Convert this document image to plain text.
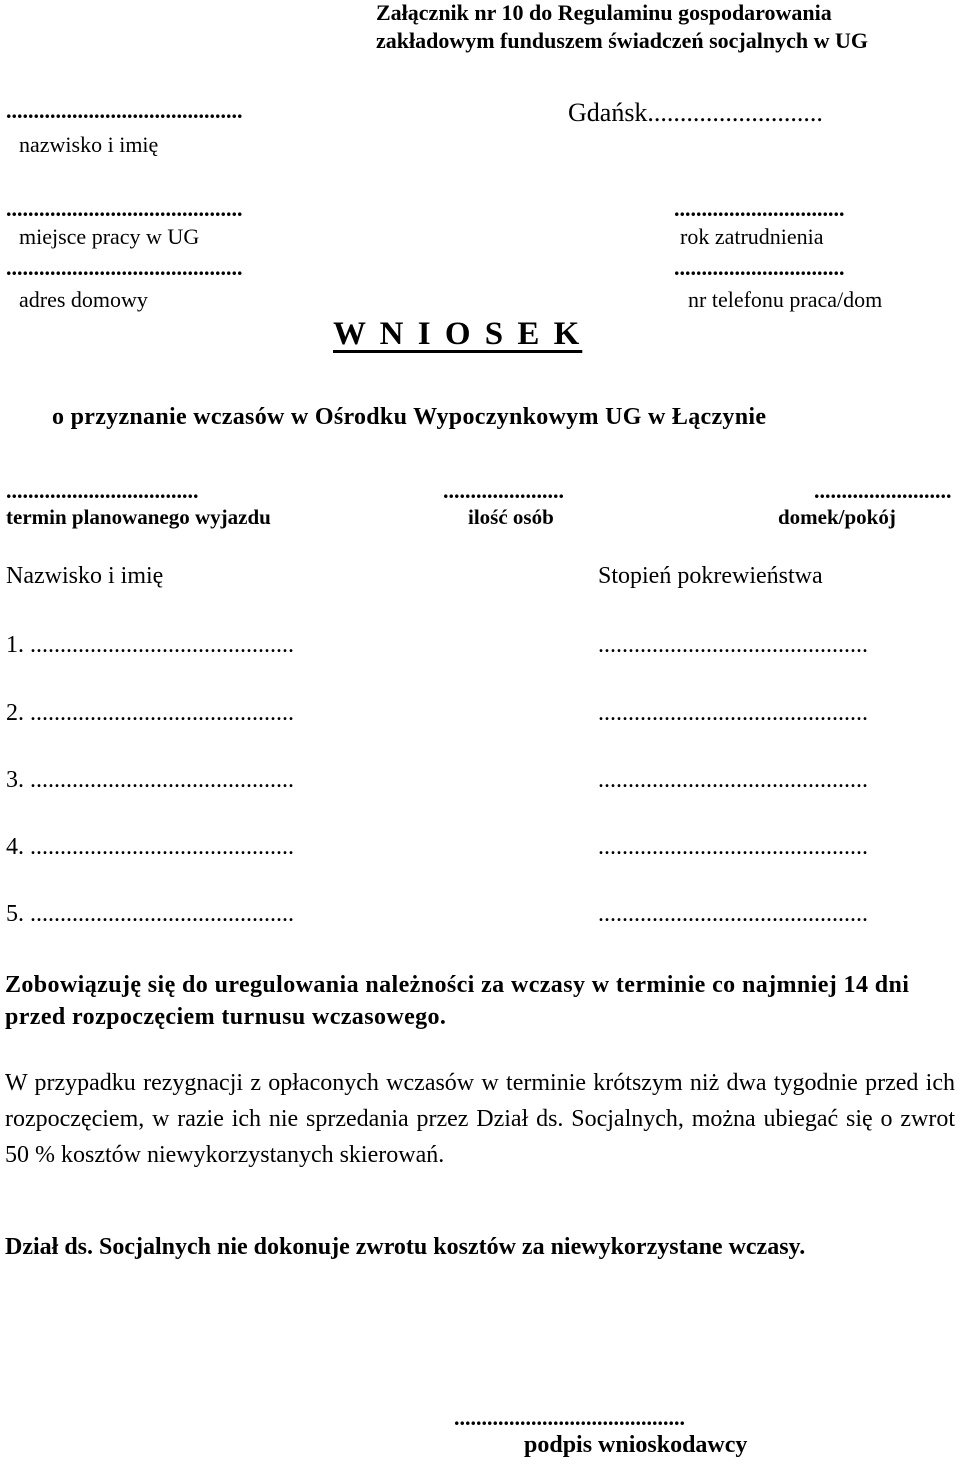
Załącznik nr 10 do Regulaminu gospodarowania
zakładowym funduszem świadczeń socjalnych w UG
...........................................
nazwisko i imię
Gdańsk...........................
...........................................
miejsce pracy w UG
...............................
rok zatrudnienia
...........................................
adres domowy
...............................
nr telefonu praca/dom
W N I O S E K
o przyznanie wczasów w Ośrodku Wypoczynkowym UG w Łączynie
...................................
termin planowanego wyjazdu
......................
ilość osób
.........................
domek/pokój
Nazwisko i imię	Stopień pokrewieństwa
1. ............................................	.............................................
2. ............................................	.............................................
3. ............................................	.............................................
4. ............................................	.............................................
5. ............................................	.............................................
Zobowiązuję się do uregulowania należności za wczasy w terminie co najmniej 14 dni przed rozpoczęciem turnusu wczasowego.
W przypadku rezygnacji z opłaconych wczasów w terminie krótszym niż dwa tygodnie przed ich rozpoczęciem, w razie ich nie sprzedania przez Dział ds. Socjalnych, można ubiegać się o zwrot 50 % kosztów niewykorzystanych skierowań.
Dział ds. Socjalnych nie dokonuje zwrotu kosztów za niewykorzystane wczasy.
..........................................
podpis wnioskodawcy
